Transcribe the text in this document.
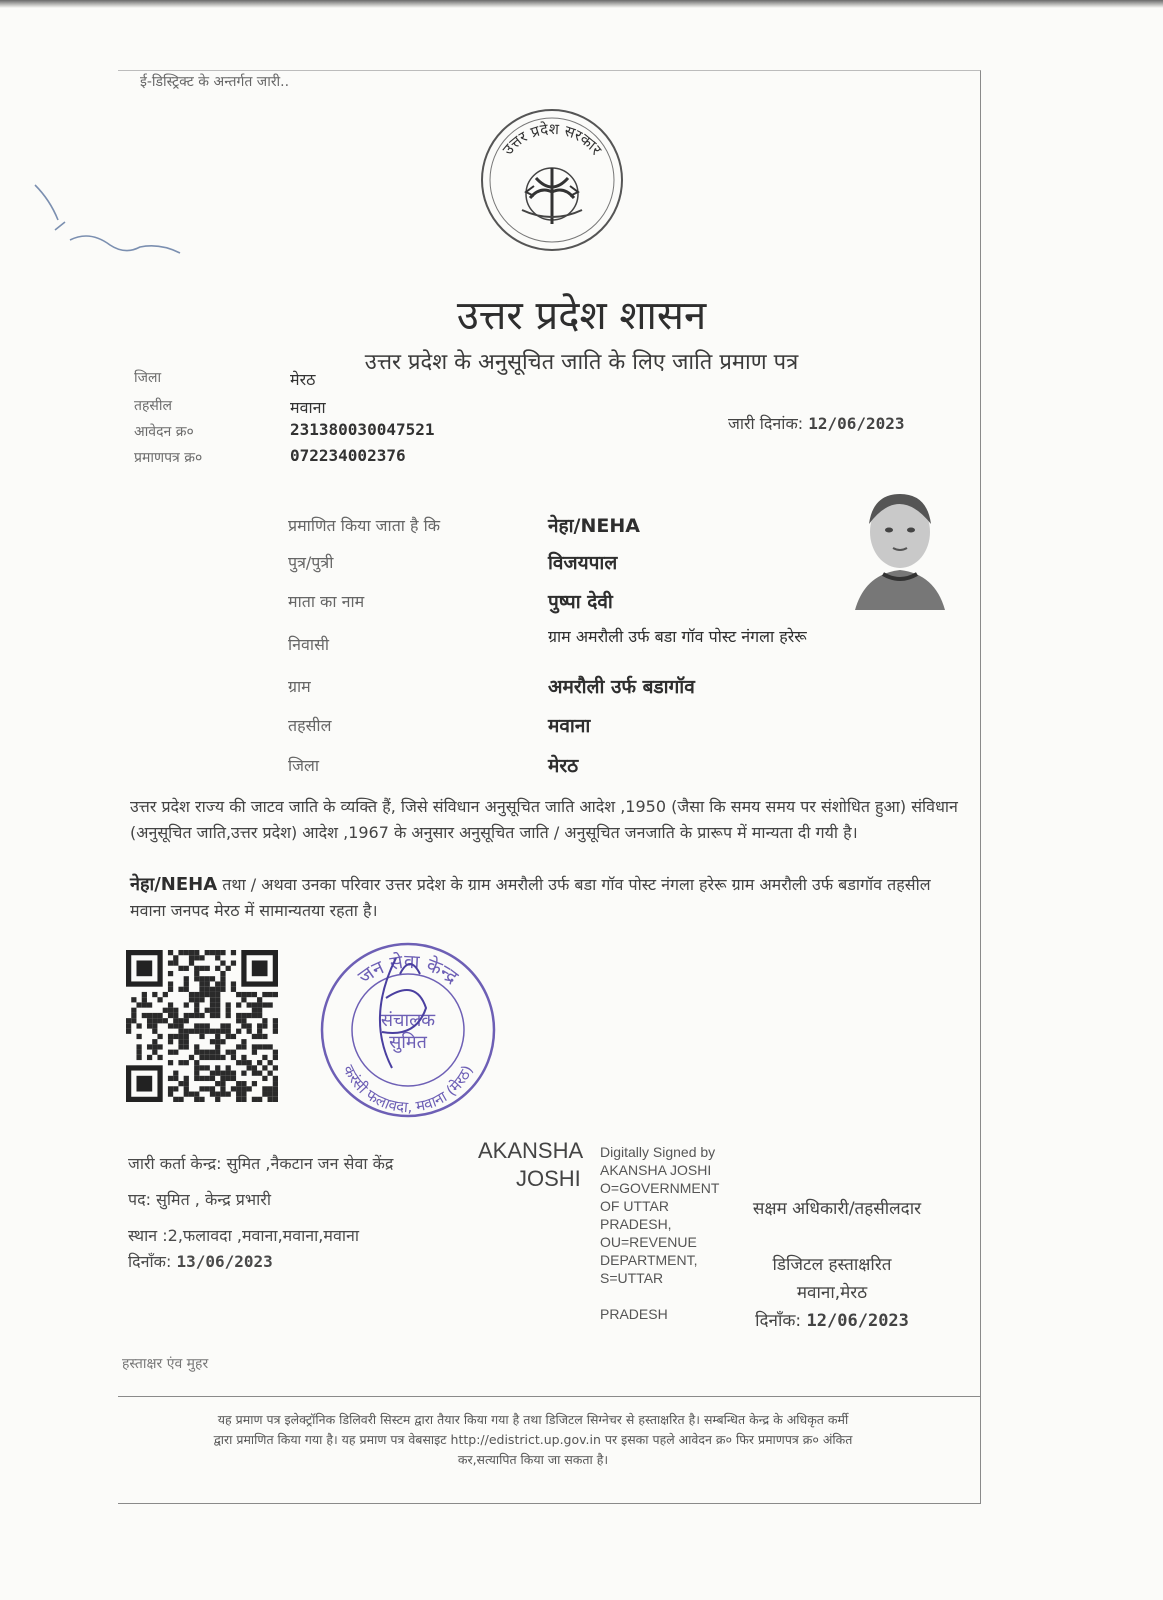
ई-डिस्ट्रिक्ट के अन्तर्गत जारी..
उत्तर प्रदेश सरकार
उत्तर प्रदेश शासन
उत्तर प्रदेश के अनुसूचित जाति के लिए जाति प्रमाण पत्र
जिला	मेरठ
तहसील	मवाना
आवेदन क्र०	231380030047521
प्रमाणपत्र क्र०	072234002376
जारी दिनांक: 12/06/2023
प्रमाणित किया जाता है कि	नेहा/NEHA
पुत्र/पुत्री	विजयपाल
माता का नाम	पुष्पा देवी
निवासी	ग्राम अमरौली उर्फ बडा गॉव पोस्ट नंगला हरेरू
ग्राम	अमरौली उर्फ बडागॉव
तहसील	मवाना
जिला	मेरठ
उत्तर प्रदेश राज्य की जाटव जाति के व्यक्ति हैं, जिसे संविधान अनुसूचित जाति आदेश ,1950 (जैसा कि समय समय पर संशोधित हुआ) संविधान (अनुसूचित जाति,उत्तर प्रदेश) आदेश ,1967 के अनुसार अनुसूचित जाति / अनुसूचित जनजाति के प्रारूप में मान्यता दी गयी है।
नेहा/NEHA तथा / अथवा उनका परिवार उत्तर प्रदेश के ग्राम अमरौली उर्फ बडा गॉव पोस्ट नंगला हरेरू ग्राम अमरौली उर्फ बडागॉव तहसील मवाना जनपद मेरठ में सामान्यतया रहता है।
जन सेवा केन्द्र
करंसी फलावदा, मवाना (मेरठ)
संचालक
सुमित
जारी कर्ता केन्द्र: सुमित ,नैकटान जन सेवा केंद्र
पद: सुमित , केन्द्र प्रभारी
स्थान :2,फलावदा ,मवाना,मवाना,मवाना
दिनाँक: 13/06/2023
AKANSHA
JOSHI
Digitally Signed by
AKANSHA JOSHI
O=GOVERNMENT
OF UTTAR
PRADESH,
OU=REVENUE
DEPARTMENT,
S=UTTAR
PRADESH
सक्षम अधिकारी/तहसीलदार
डिजिटल हस्ताक्षरित
मवाना,मेरठ
दिनाँक: 12/06/2023
हस्ताक्षर एंव मुहर
यह प्रमाण पत्र इलेक्ट्रॉनिक डिलिवरी सिस्टम द्वारा तैयार किया गया है तथा डिजिटल सिग्नेचर से हस्ताक्षरित है। सम्बन्धित केन्द्र के अधिकृत कर्मी
द्वारा प्रमाणित किया गया है। यह प्रमाण पत्र वेबसाइट http://edistrict.up.gov.in पर इसका पहले आवेदन क्र० फिर प्रमाणपत्र क्र० अंकित
कर,सत्यापित किया जा सकता है।
